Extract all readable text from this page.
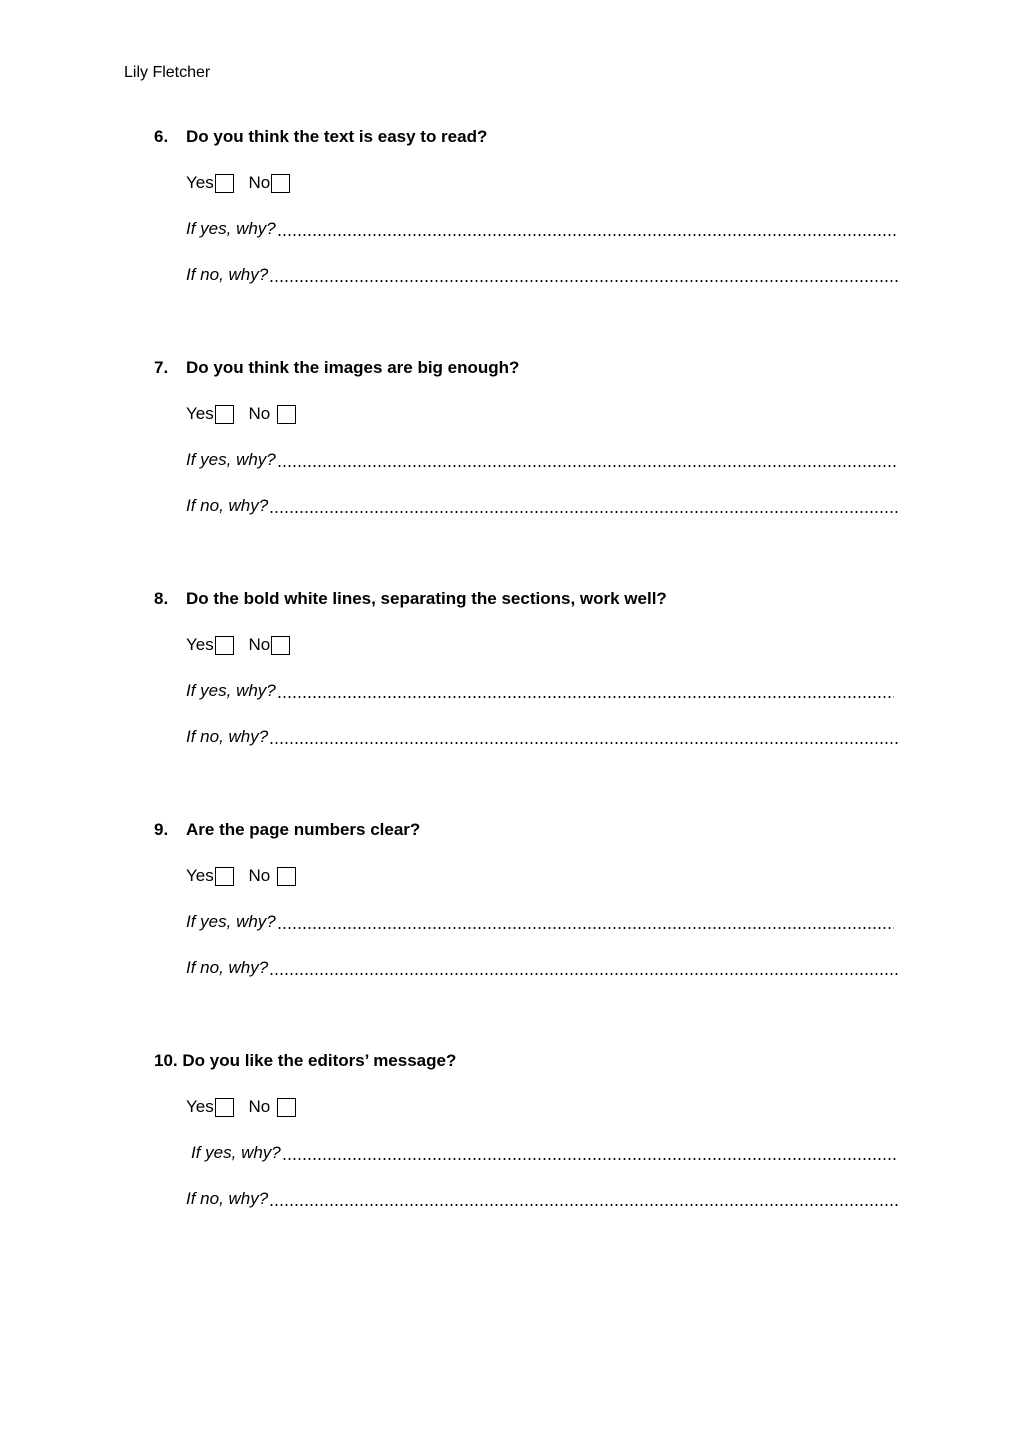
Lily Fletcher
6. Do you think the text is easy to read?
Yes
No
If yes, why?
If no, why?
7. Do you think the images are big enough?
Yes
No
If yes, why?
If no, why?
8. Do the bold white lines, separating the sections, work well?
Yes
No
If yes, why?
If no, why?
9. Are the page numbers clear?
Yes
No
If yes, why?
If no, why?
10. Do you like the editors’ message?
Yes
No
If yes, why?
If no, why?
